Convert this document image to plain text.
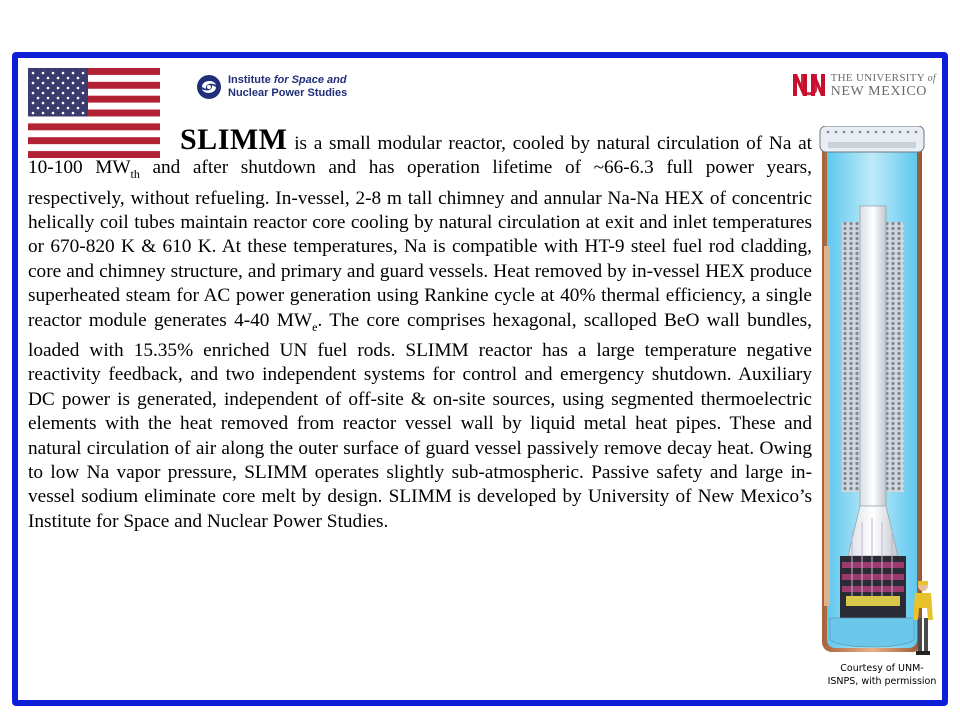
Institute for Space and
Nuclear Power Studies
THE UNIVERSITY of
NEW MEXICO

SLIMM is a small modular reactor, cooled by natural circulation of Na at 10-100 $MW_{th}$ and after shutdown and has operation lifetime of ~66-6.3 full power years, respectively, without refueling. In-vessel, 2-8 m tall chimney and annular Na-Na HEX of concentric helically coil tubes maintain reactor core cooling by natural circulation at exit and inlet temperatures or 670-820 K & 610 K. At these temperatures, Na is compatible with HT-9 steel fuel rod cladding, core and chimney structure, and primary and guard vessels. Heat removed by in-vessel HEX produce superheated steam for AC power generation using Rankine cycle at 40% thermal efficiency, a single reactor module generates 4-40 $MW_e$. The core comprises hexagonal, scalloped BeO wall bundles, loaded with 15.35% enriched UN fuel rods. SLIMM reactor has a large temperature negative reactivity feedback, and two independent systems for control and emergency shutdown. Auxiliary DC power is generated, independent of off-site & on-site sources, using segmented thermoelectric elements with the heat removed from reactor vessel wall by liquid metal heat pipes. These and natural circulation of air along the outer surface of guard vessel passively remove decay heat. Owing to low Na vapor pressure, SLIMM operates slightly sub-atmospheric. Passive safety and large in-vessel sodium eliminate core melt by design. SLIMM is developed by University of New Mexico’s Institute for Space and Nuclear Power Studies.

Courtesy of UNM-
ISNPS, with permission
